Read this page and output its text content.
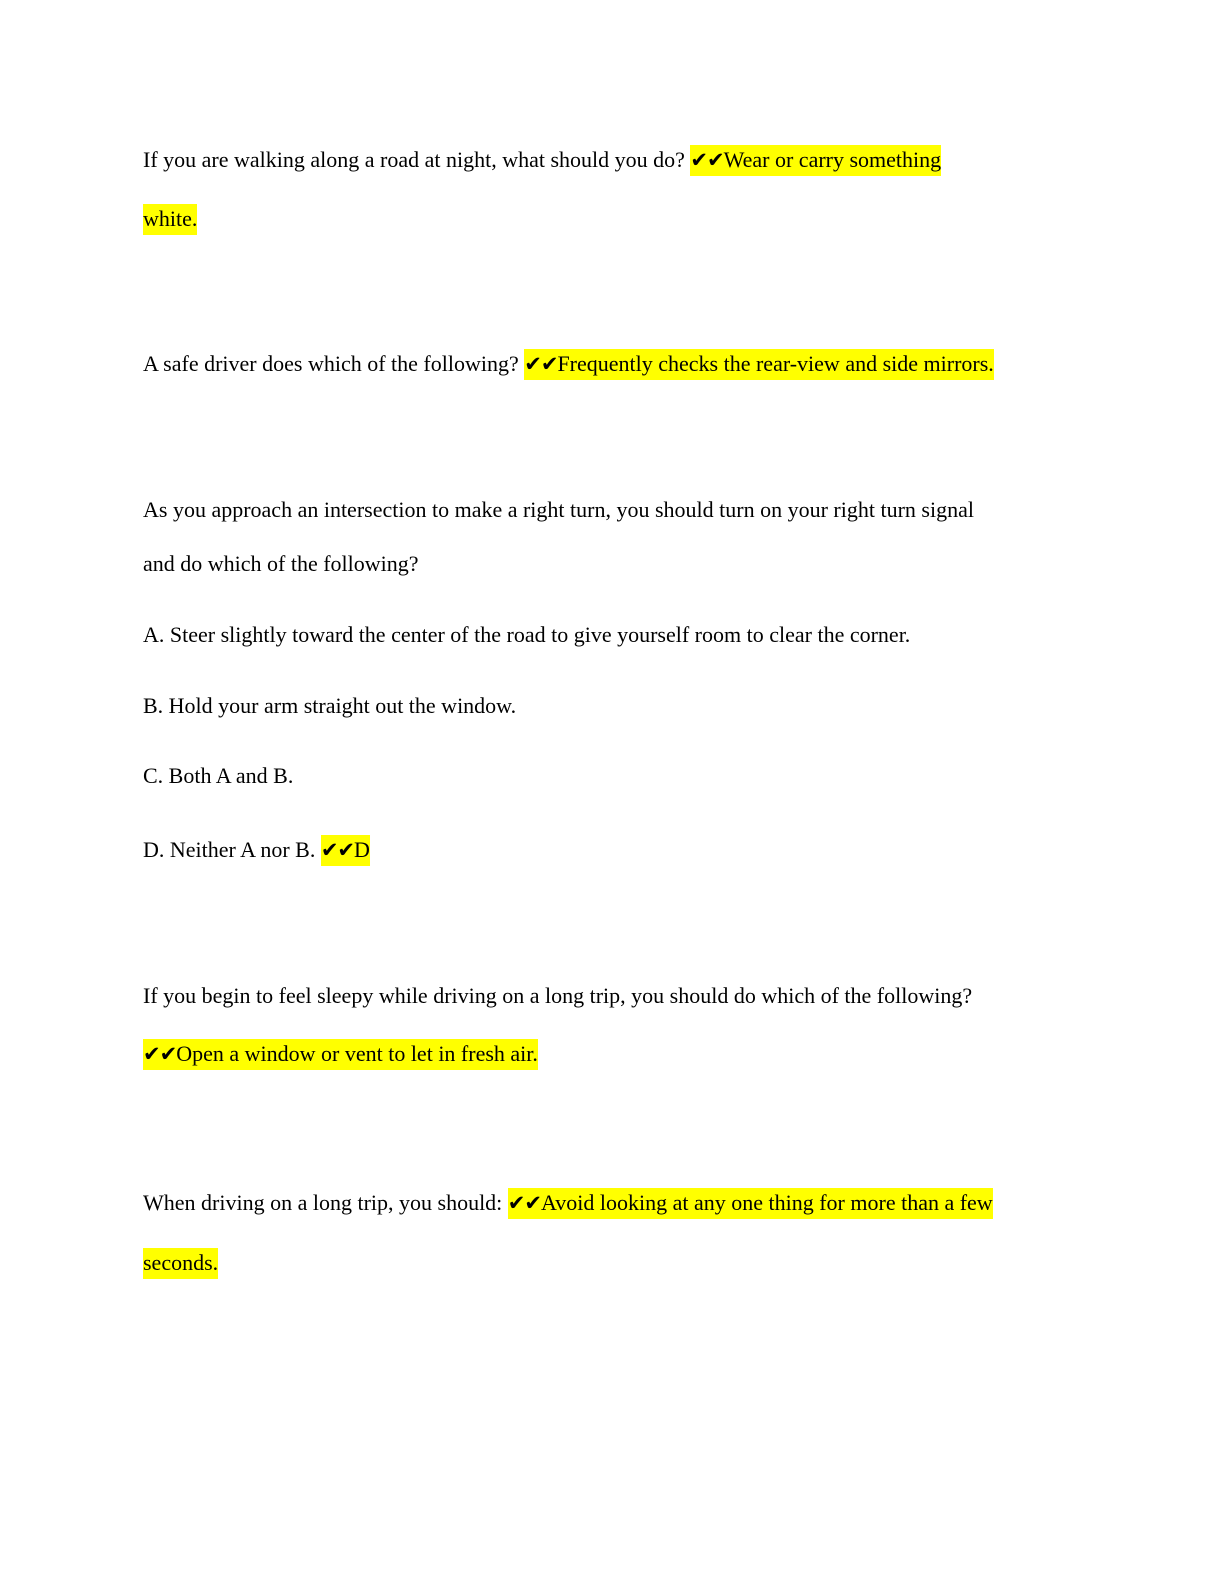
If you are walking along a road at night, what should you do? ✔✔Wear or carry something
white.
A safe driver does which of the following? ✔✔Frequently checks the rear-view and side mirrors.
As you approach an intersection to make a right turn, you should turn on your right turn signal
and do which of the following?
A. Steer slightly toward the center of the road to give yourself room to clear the corner.
B. Hold your arm straight out the window.
C. Both A and B.
D. Neither A nor B. ✔✔D
If you begin to feel sleepy while driving on a long trip, you should do which of the following?
✔✔Open a window or vent to let in fresh air.
When driving on a long trip, you should: ✔✔Avoid looking at any one thing for more than a few
seconds.
